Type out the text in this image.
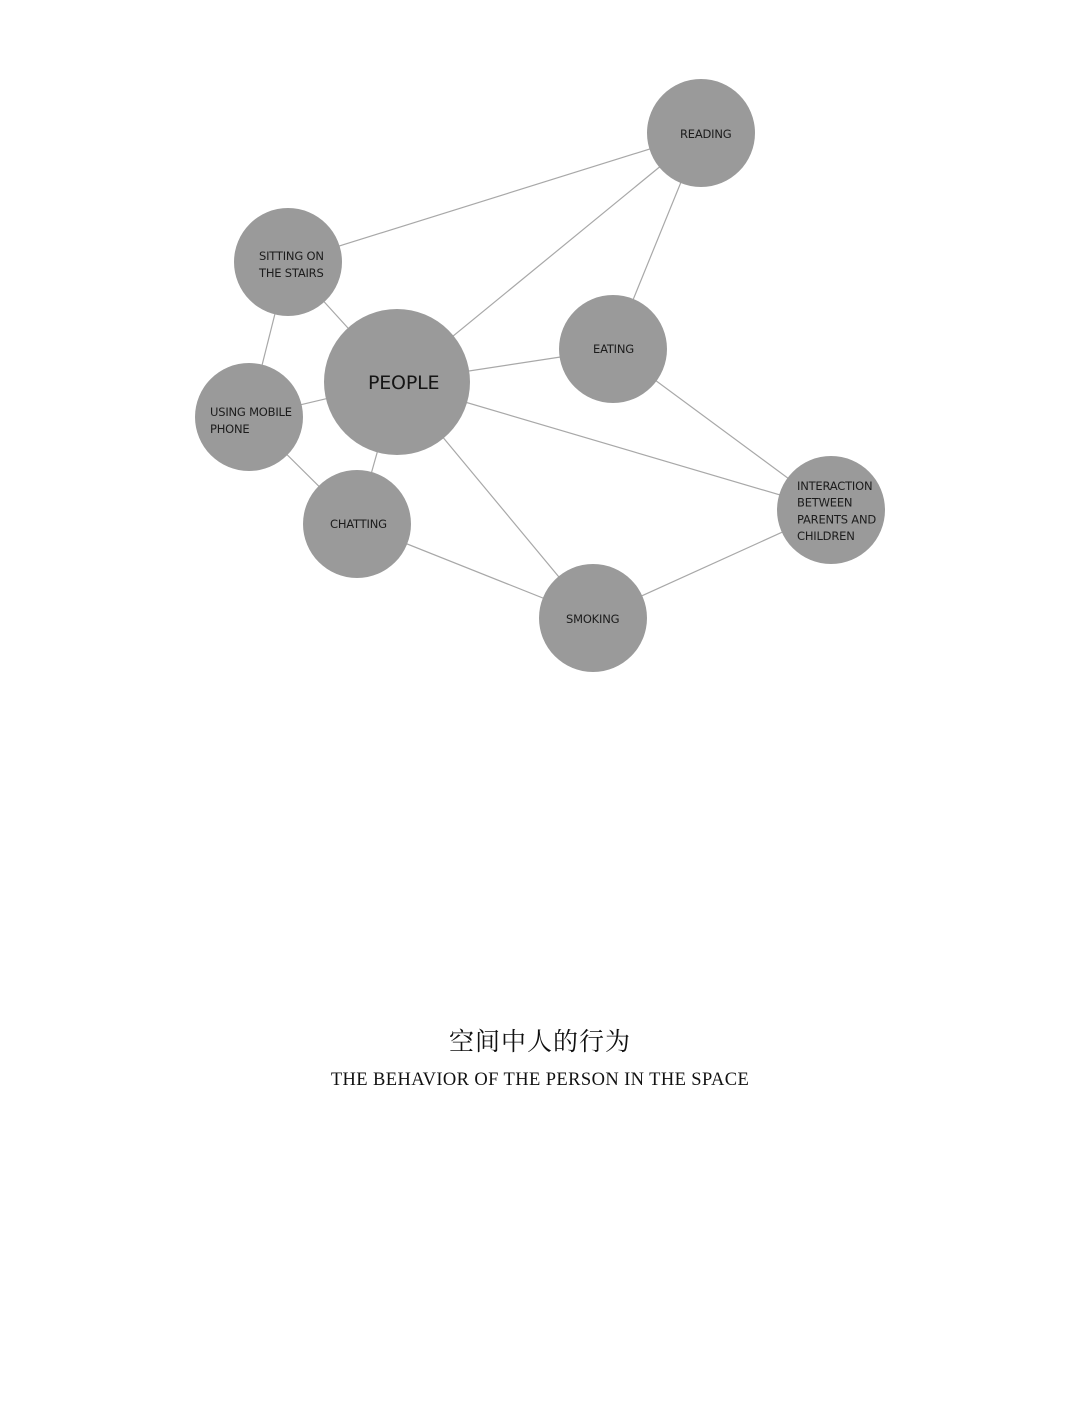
PEOPLE
READING
SITTING ON
THE STAIRS
EATING
USING MOBILE
PHONE
CHATTING
INTERACTION
BETWEEN
PARENTS AND
CHILDREN
SMOKING
空间中人的行为
THE BEHAVIOR OF THE PERSON IN THE SPACE
